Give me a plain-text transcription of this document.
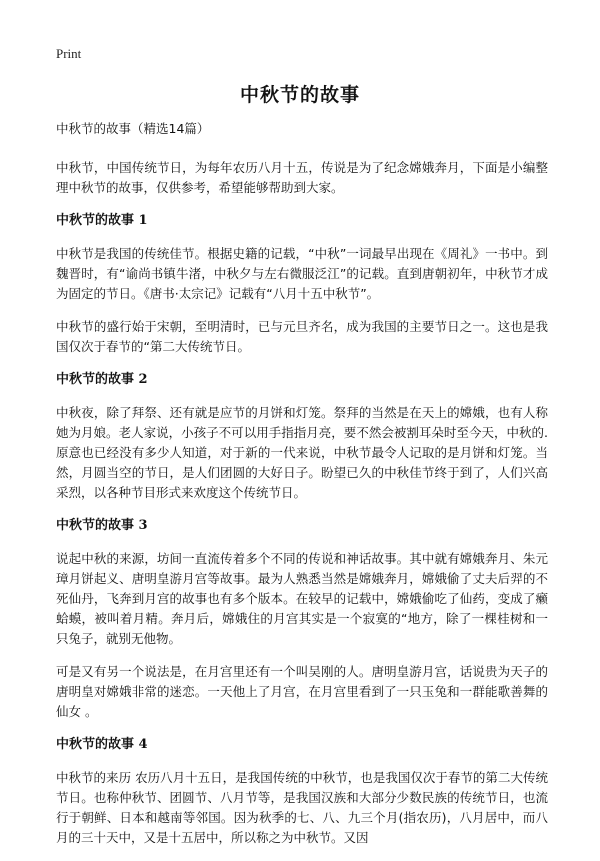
Print
中秋节的故事
中秋节的故事（精选14篇）

中秋节，中国传统节日，为每年农历八月十五，传说是为了纪念嫦娥奔月，下面是小编整理中秋节的故事，仅供参考，希望能够帮助到大家。

中秋节的故事 1

中秋节是我国的传统佳节。根据史籍的记载，“中秋”一词最早出现在《周礼》一书中。到魏晋时，有“谕尚书镇牛渚，中秋夕与左右微服泛江”的记载。直到唐朝初年，中秋节才成为固定的节日。《唐书·太宗记》记载有“八月十五中秋节”。

中秋节的盛行始于宋朝，至明清时，已与元旦齐名，成为我国的主要节日之一。这也是我国仅次于春节的“第二大传统节日。

中秋节的故事 2

中秋夜，除了拜祭、还有就是应节的月饼和灯笼。祭拜的当然是在天上的嫦娥，也有人称她为月娘。老人家说，小孩子不可以用手指指月亮，要不然会被割耳朵时至今天，中秋的.原意也已经没有多少人知道，对于新的一代来说，中秋节最令人记取的是月饼和灯笼。当然，月圆当空的节日，是人们团圆的大好日子。盼望已久的中秋佳节终于到了，人们兴高采烈，以各种节目形式来欢度这个传统节日。

中秋节的故事 3

说起中秋的来源，坊间一直流传着多个不同的传说和神话故事。其中就有嫦娥奔月、朱元璋月饼起义、唐明皇游月宫等故事。最为人熟悉当然是嫦娥奔月，嫦娥偷了丈夫后羿的不死仙丹，飞奔到月宫的故事也有多个版本。在较早的记载中，嫦娥偷吃了仙药，变成了癞蛤蟆，被叫着月精。奔月后，嫦娥住的月宫其实是一个寂寞的“地方，除了一棵桂树和一只兔子，就别无他物。

可是又有另一个说法是，在月宫里还有一个叫吴刚的人。唐明皇游月宫，话说贵为天子的唐明皇对嫦娥非常的迷恋。一天他上了月宫，在月宫里看到了一只玉兔和一群能歌善舞的仙女 。

中秋节的故事 4

中秋节的来历 农历八月十五日，是我国传统的中秋节，也是我国仅次于春节的第二大传统节日。也称仲秋节、团圆节、八月节等，是我国汉族和大部分少数民族的传统节日，也流行于朝鲜、日本和越南等邻国。因为秋季的七、八、九三个月(指农历)，八月居中，而八月的三十天中，又是十五居中，所以称之为中秋节。又因
